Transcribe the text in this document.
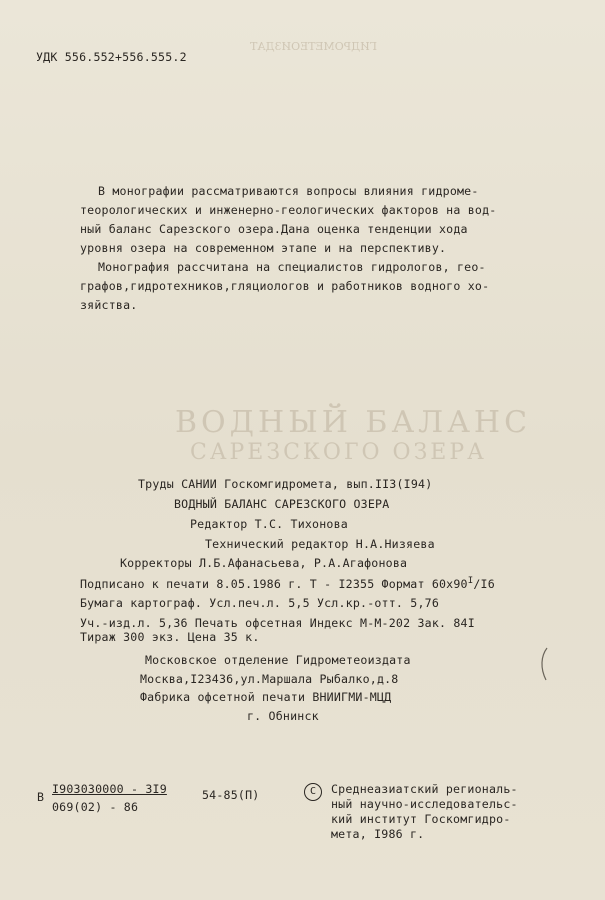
ВОДНЫЙ БАЛАНС
САРЕЗСКОГО ОЗЕРА
ГИДРОМЕТЕОИЗДАТ
УДК 556.552+556.555.2
В монографии рассматриваются вопросы влияния гидроме-
теорологических и инженерно-геологических факторов на вод-
ный баланс Сарезского озера.Дана оценка тенденции хода
уровня озера на современном этапе и на перспективу.
Монография рассчитана на специалистов гидрологов, гео-
графов,гидротехников,гляциологов и работников водного хо-
зяйства.
Труды САНИИ Госкомгидромета, вып.II3(I94)
ВОДНЫЙ БАЛАНС САРЕЗСКОГО ОЗЕРА
Редактор Т.С. Тихонова
Технический редактор Н.А.Низяева
Корректоры Л.Б.Афанасьева, Р.А.Агафонова
Подписано к печати 8.05.1986 г. Т - I2355 Формат $60x90^I/I6$
Бумага картограф. Усл.печ.л. 5,5 Усл.кр.-отт. 5,76
Уч.-изд.л. 5,36 Печать офсетная Индекс М-М-202 Зак. 84I
Тираж 300 экз. Цена 35 к.
Московское отделение Гидрометеоиздата
Москва,I23436,ул.Маршала Рыбалко,д.8
Фабрика офсетной печати ВНИИГМИ-МЦД
г. Обнинск
В
I903030000 - 3I9
069(02) - 86
54-85(П)	С	Среднеазиатский региональ-
ный научно-исследовательс-
кий институт Госкомгидро-
мета, I986 г.
